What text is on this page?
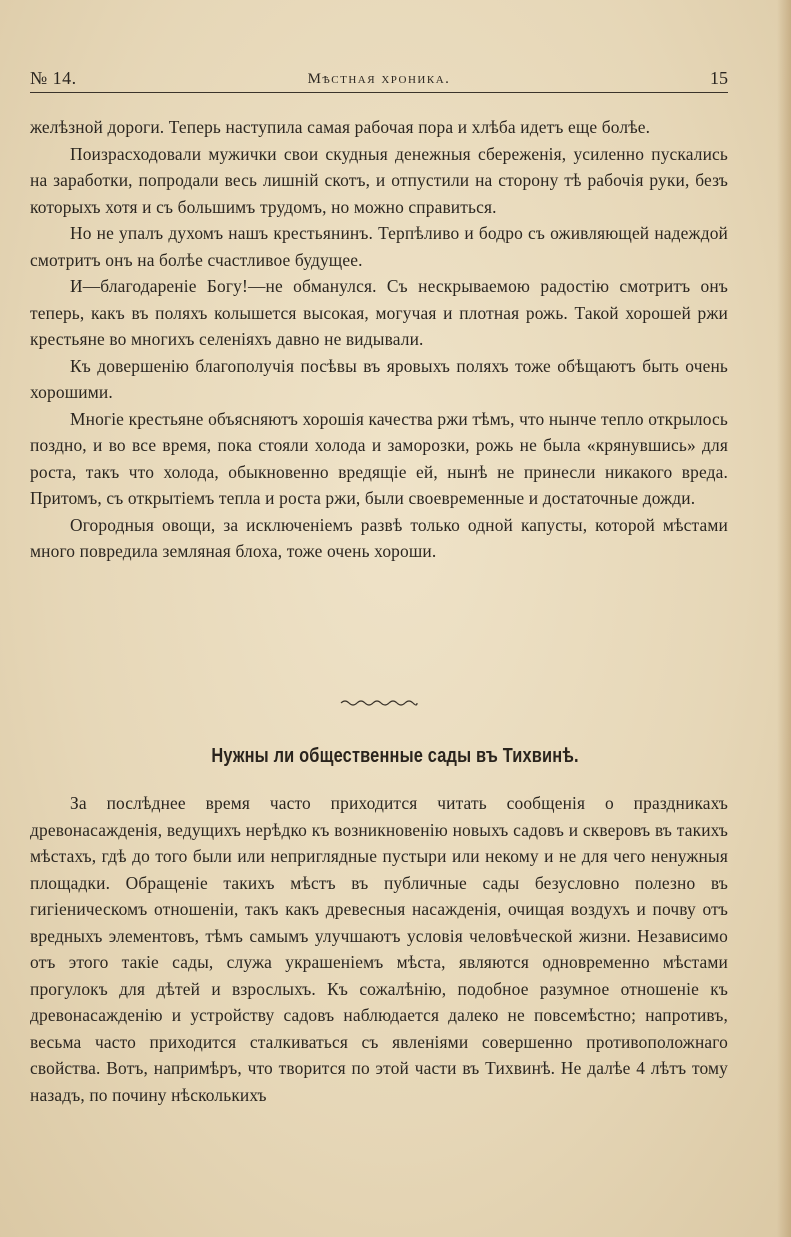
№ 14.	Мѣстная хроника.	15

желѣзной дороги. Теперь наступила самая рабочая пора и хлѣба идетъ еще болѣе.

Поизрасходовали мужички свои скудныя денежныя сбереженія, усиленно пускались на заработки, попродали весь лишній скотъ, и отпустили на сторону тѣ рабочія руки, безъ которыхъ хотя и съ большимъ трудомъ, но можно справиться.

Но не упалъ духомъ нашъ крестьянинъ. Терпѣливо и бодро съ оживляющей надеждой смотритъ онъ на болѣе счастливое будущее.

И—благодареніе Богу!—не обманулся. Съ нескрываемою радостію смотритъ онъ теперь, какъ въ поляхъ колышется высокая, могучая и плотная рожь. Такой хорошей ржи крестьяне во многихъ селеніяхъ давно не видывали.

Къ довершенію благополучія посѣвы въ яровыхъ поляхъ тоже обѣщаютъ быть очень хорошими.

Многіе крестьяне объясняютъ хорошія качества ржи тѣмъ, что нынче тепло открылось поздно, и во все время, пока стояли холода и заморозки, рожь не была «крянувшись» для роста, такъ что холода, обыкновенно вредящіе ей, нынѣ не принесли никакого вреда. Притомъ, съ открытіемъ тепла и роста ржи, были своевременные и достаточные дожди.

Огородныя овощи, за исключеніемъ развѣ только одной капусты, которой мѣстами много повредила земляная блоха, тоже очень хороши.

Нужны ли общественные сады въ Тихвинѣ.

За послѣднее время часто приходится читать сообщенія о праздникахъ древонасажденія, ведущихъ нерѣдко къ возникновенію новыхъ садовъ и скверовъ въ такихъ мѣстахъ, гдѣ до того были или неприглядные пустыри или некому и не для чего ненужныя площадки. Обращеніе такихъ мѣстъ въ публичные сады безусловно полезно въ гигіеническомъ отношеніи, такъ какъ древесныя насажденія, очищая воздухъ и почву отъ вредныхъ элементовъ, тѣмъ самымъ улучшаютъ условія человѣческой жизни. Независимо отъ этого такіе сады, служа украшеніемъ мѣста, являются одновременно мѣстами прогулокъ для дѣтей и взрослыхъ. Къ сожалѣнію, подобное разумное отношеніе къ древонасажденію и устройству садовъ наблюдается далеко не повсемѣстно; напротивъ, весьма часто приходится сталкиваться съ явленіями совершенно противоположнаго свойства. Вотъ, напримѣръ, что творится по этой части въ Тихвинѣ. Не далѣе 4 лѣтъ тому назадъ, по почину нѣсколькихъ
